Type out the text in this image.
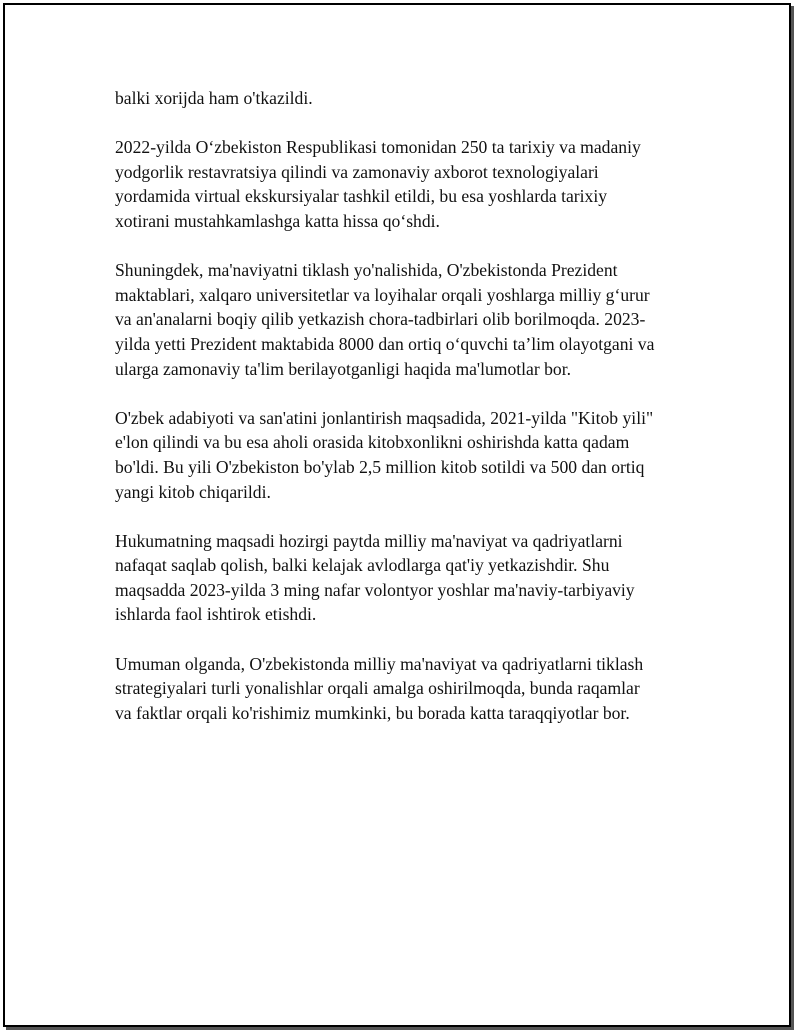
balki xorijda ham o'tkazildi.

2022-yilda O‘zbekiston Respublikasi tomonidan 250 ta tarixiy va madaniy
yodgorlik restavratsiya qilindi va zamonaviy axborot texnologiyalari
yordamida virtual ekskursiyalar tashkil etildi, bu esa yoshlarda tarixiy
xotirani mustahkamlashga katta hissa qo‘shdi.

Shuningdek, ma'naviyatni tiklash yo'nalishida, O'zbekistonda Prezident
maktablari, xalqaro universitetlar va loyihalar orqali yoshlarga milliy g‘urur
va an'analarni boqiy qilib yetkazish chora-tadbirlari olib borilmoqda. 2023-
yilda yetti Prezident maktabida 8000 dan ortiq o‘quvchi ta’lim olayotgani va
ularga zamonaviy ta'lim berilayotganligi haqida ma'lumotlar bor.

O'zbek adabiyoti va san'atini jonlantirish maqsadida, 2021-yilda "Kitob yili"
e'lon qilindi va bu esa aholi orasida kitobxonlikni oshirishda katta qadam
bo'ldi. Bu yili O'zbekiston bo'ylab 2,5 million kitob sotildi va 500 dan ortiq
yangi kitob chiqarildi.

Hukumatning maqsadi hozirgi paytda milliy ma'naviyat va qadriyatlarni
nafaqat saqlab qolish, balki kelajak avlodlarga qat'iy yetkazishdir. Shu
maqsadda 2023-yilda 3 ming nafar volontyor yoshlar ma'naviy-tarbiyaviy
ishlarda faol ishtirok etishdi.

Umuman olganda, O'zbekistonda milliy ma'naviyat va qadriyatlarni tiklash
strategiyalari turli yonalishlar orqali amalga oshirilmoqda, bunda raqamlar
va faktlar orqali ko'rishimiz mumkinki, bu borada katta taraqqiyotlar bor.
